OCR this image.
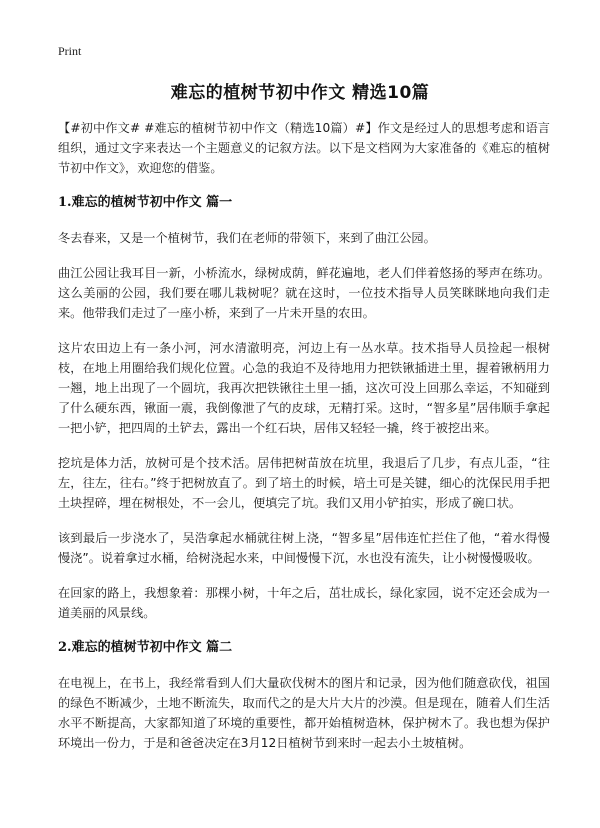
Print
难忘的植树节初中作文 精选10篇

【#初中作文# #难忘的植树节初中作文（精选10篇）#】作文是经过人的思想考虑和语言组织，通过文字来表达一个主题意义的记叙方法。以下是文档网为大家准备的《难忘的植树节初中作文》，欢迎您的借鉴。

1.难忘的植树节初中作文 篇一

冬去春来，又是一个植树节，我们在老师的带领下，来到了曲江公园。

曲江公园让我耳目一新，小桥流水，绿树成荫，鲜花遍地，老人们伴着悠扬的琴声在练功。这么美丽的公园，我们要在哪儿栽树呢？就在这时，一位技术指导人员笑眯眯地向我们走来。他带我们走过了一座小桥，来到了一片未开垦的农田。

这片农田边上有一条小河，河水清澈明亮，河边上有一丛水草。技术指导人员捡起一根树枝，在地上用圈给我们规化位置。心急的我迫不及待地用力把铁锹插进土里，握着锹柄用力一翘，地上出现了一个圆坑，我再次把铁锹往土里一插，这次可没上回那么幸运，不知碰到了什么硬东西，锹面一震，我倒像泄了气的皮球，无精打采。这时，“智多星”居伟顺手拿起一把小铲，把四周的土铲去，露出一个红石块，居伟又轻轻一撬，终于被挖出来。

挖坑是体力活，放树可是个技术活。居伟把树苗放在坑里，我退后了几步，有点儿歪，“往左，往左，往右。”终于把树放直了。到了培土的时候，培土可是关键，细心的沈保民用手把土块捏碎，埋在树根处，不一会儿，便填完了坑。我们又用小铲拍实，形成了碗口状。

该到最后一步浇水了，吴浩拿起水桶就往树上浇，“智多星”居伟连忙拦住了他，“着水得慢慢浇”。说着拿过水桶，给树浇起水来，中间慢慢下沉，水也没有流失，让小树慢慢吸收。

在回家的路上，我想象着：那棵小树，十年之后，茁壮成长，绿化家园，说不定还会成为一道美丽的风景线。

2.难忘的植树节初中作文 篇二

在电视上，在书上，我经常看到人们大量砍伐树木的图片和记录，因为他们随意砍伐，祖国的绿色不断减少，土地不断流失，取而代之的是大片大片的沙漠。但是现在，随着人们生活水平不断提高，大家都知道了环境的重要性，都开始植树造林，保护树木了。我也想为保护环境出一份力，于是和爸爸决定在3月12日植树节到来时一起去小土坡植树。
